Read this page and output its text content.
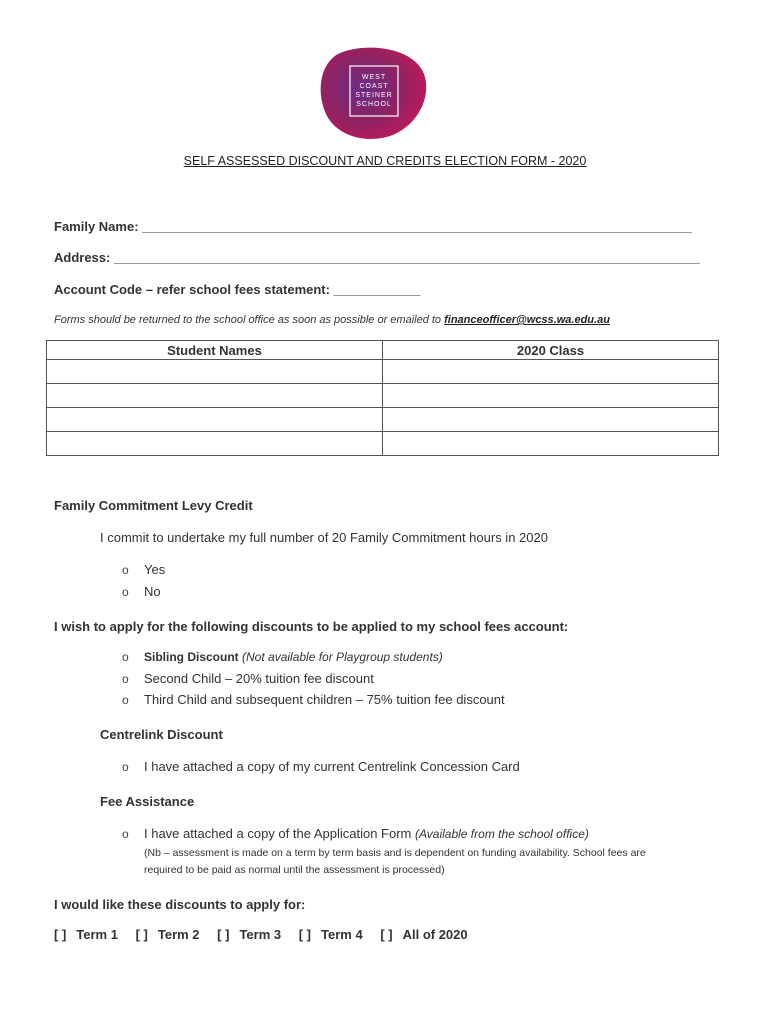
WEST
COAST
STEINER
SCHOOL
SELF ASSESSED DISCOUNT AND CREDITS ELECTION FORM - 2020
Family Name: ____________________________________________________________________________
Address: _________________________________________________________________________________
Account Code – refer school fees statement: ____________
Forms should be returned to the school office as soon as possible or emailed to financeofficer@wcss.wa.edu.au
Student Names	2020 Class

Family Commitment Levy Credit
I commit to undertake my full number of 20 Family Commitment hours in 2020
o Yes
o No
I wish to apply for the following discounts to be applied to my school fees account:
o Sibling Discount (Not available for Playgroup students)
o Second Child – 20% tuition fee discount
o Third Child and subsequent children – 75% tuition fee discount
Centrelink Discount
o I have attached a copy of my current Centrelink Concession Card
Fee Assistance
o I have attached a copy of the Application Form (Available from the school office)
(Nb – assessment is made on a term by term basis and is dependent on funding availability. School fees are
required to be paid as normal until the assessment is processed)
I would like these discounts to apply for:
[ ] Term 1 [ ] Term 2 [ ] Term 3 [ ] Term 4 [ ] All of 2020
